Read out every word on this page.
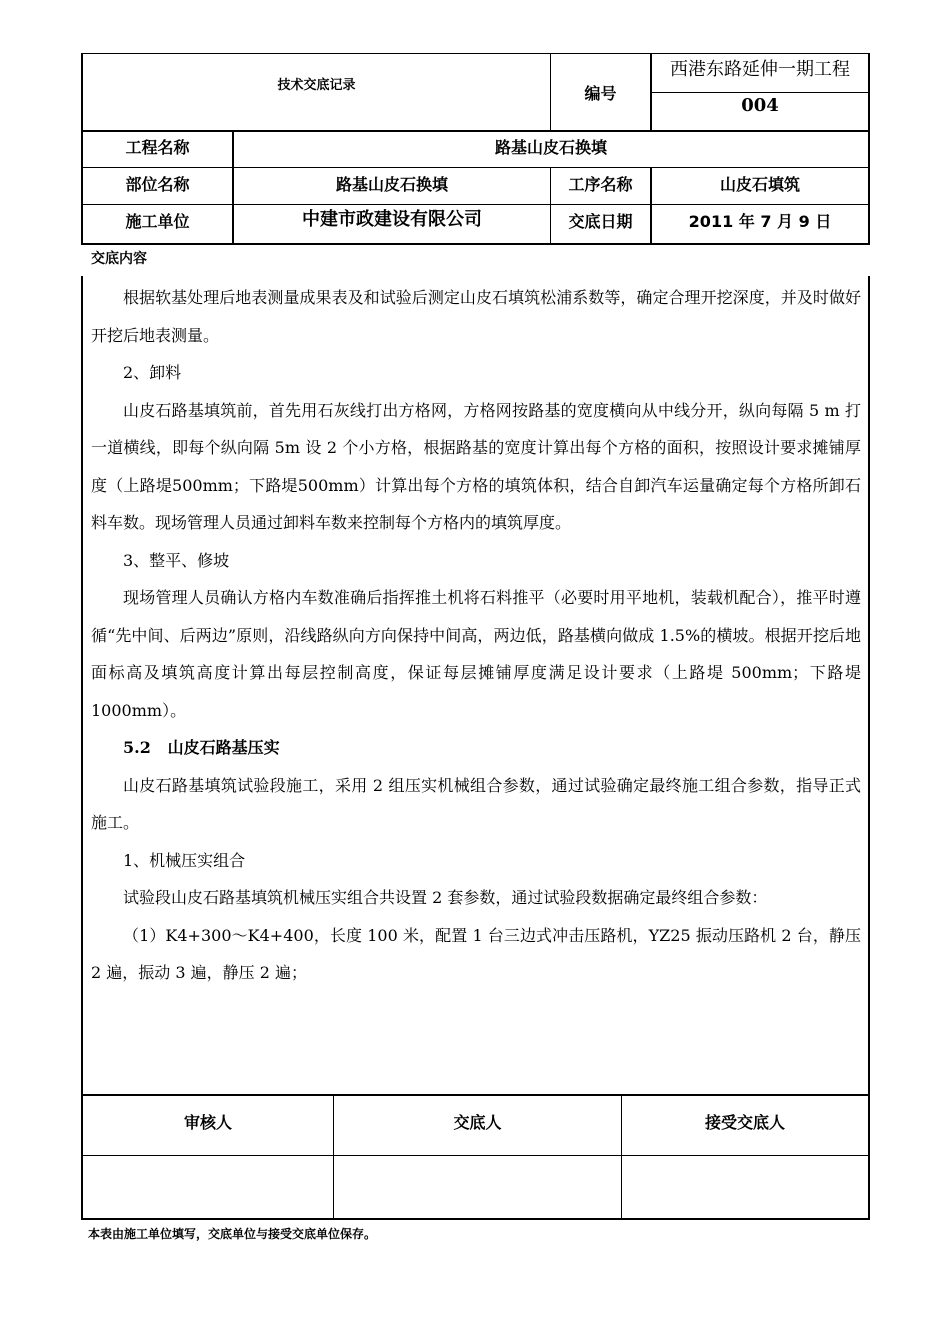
技术交底记录	编号
西港东路延伸一期工程
004
工程名称	路基山皮石换填
部位名称	路基山皮石换填	工序名称	山皮石填筑
施工单位	中建市政建设有限公司	交底日期	2011 年 7 月 9 日
交底内容

根据软基处理后地表测量成果表及和试验后测定山皮石填筑松浦系数等，确定合理开挖深度，并及时做好开挖后地表测量。

2、卸料

山皮石路基填筑前，首先用石灰线打出方格网，方格网按路基的宽度横向从中线分开，纵向每隔 5 m 打一道横线，即每个纵向隔 5m 设 2 个小方格，根据路基的宽度计算出每个方格的面积，按照设计要求摊铺厚度（上路堤500mm；下路堤500mm）计算出每个方格的填筑体积，结合自卸汽车运量确定每个方格所卸石料车数。现场管理人员通过卸料车数来控制每个方格内的填筑厚度。

3、整平、修坡

现场管理人员确认方格内车数准确后指挥推土机将石料推平（必要时用平地机，装载机配合），推平时遵循“先中间、后两边”原则，沿线路纵向方向保持中间高，两边低，路基横向做成 1.5%的横坡。根据开挖后地面标高及填筑高度计算出每层控制高度，保证每层摊铺厚度满足设计要求（上路堤 500mm；下路堤 1000mm）。

5.2 山皮石路基压实

山皮石路基填筑试验段施工，采用 2 组压实机械组合参数，通过试验确定最终施工组合参数，指导正式施工。

1、机械压实组合

试验段山皮石路基填筑机械压实组合共设置 2 套参数，通过试验段数据确定最终组合参数：

（1）K4+300～K4+400，长度 100 米，配置 1 台三边式冲击压路机，YZ25 振动压路机 2 台，静压 2 遍，振动 3 遍，静压 2 遍；

审核人	交底人	接受交底人
本表由施工单位填写，交底单位与接受交底单位保存。
